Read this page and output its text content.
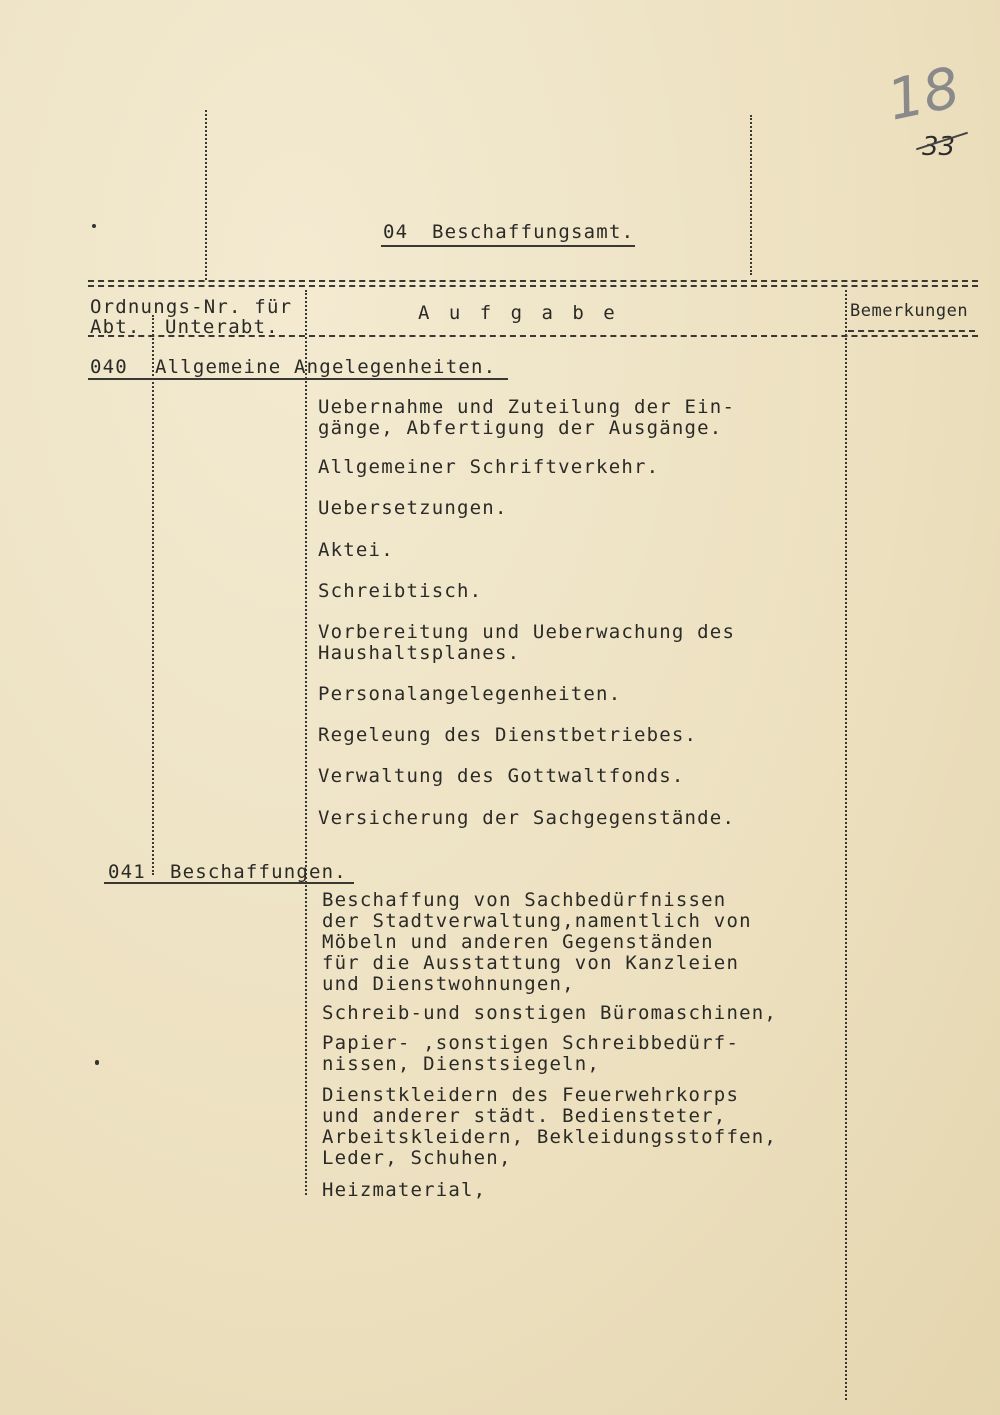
18
33
04 Beschaffungsamt.
Ordnungs-Nr. für
Abt. Unterabt.
A u f g a b e	Bemerkungen
040 Allgemeine Angelegenheiten.
Uebernahme und Zuteilung der Ein-
gänge, Abfertigung der Ausgänge.
Allgemeiner Schriftverkehr.
Uebersetzungen.
Aktei.
Schreibtisch.
Vorbereitung und Ueberwachung des
Haushaltsplanes.
Personalangelegenheiten.
Regeleung des Dienstbetriebes.
Verwaltung des Gottwaltfonds.
Versicherung der Sachgegenstände.
041 Beschaffungen.
Beschaffung von Sachbedürfnissen
der Stadtverwaltung,namentlich von
Möbeln und anderen Gegenständen
für die Ausstattung von Kanzleien
und Dienstwohnungen,
Schreib-und sonstigen Büromaschinen,
Papier- ,sonstigen Schreibbedürf-
nissen, Dienstsiegeln,
Dienstkleidern des Feuerwehrkorps
und anderer städt. Bediensteter,
Arbeitskleidern, Bekleidungsstoffen,
Leder, Schuhen,
Heizmaterial,
